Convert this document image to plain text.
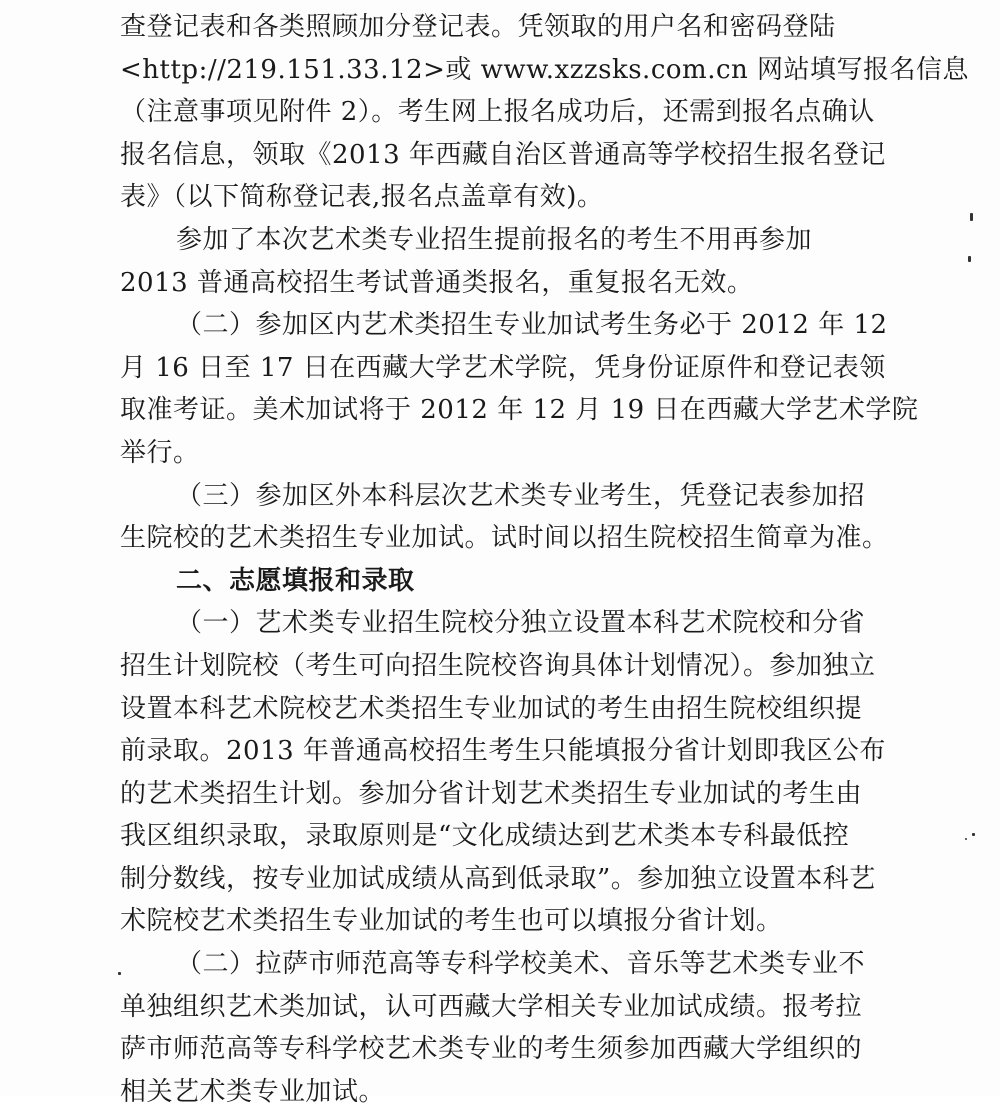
查登记表和各类照顾加分登记表。凭领取的用户名和密码登陆
<http://219.151.33.12>或 www.xzzsks.com.cn 网站填写报名信息
（注意事项见附件 2）。考生网上报名成功后，还需到报名点确认
报名信息，领取《2013 年西藏自治区普通高等学校招生报名登记
表》（以下简称登记表,报名点盖章有效)。
参加了本次艺术类专业招生提前报名的考生不用再参加
2013 普通高校招生考试普通类报名，重复报名无效。
（二）参加区内艺术类招生专业加试考生务必于 2012 年 12
月 16 日至 17 日在西藏大学艺术学院，凭身份证原件和登记表领
取准考证。美术加试将于 2012 年 12 月 19 日在西藏大学艺术学院
举行。
（三）参加区外本科层次艺术类专业考生，凭登记表参加招
生院校的艺术类招生专业加试。试时间以招生院校招生简章为准。
二、志愿填报和录取
（一）艺术类专业招生院校分独立设置本科艺术院校和分省
招生计划院校（考生可向招生院校咨询具体计划情况）。参加独立
设置本科艺术院校艺术类招生专业加试的考生由招生院校组织提
前录取。2013 年普通高校招生考生只能填报分省计划即我区公布
的艺术类招生计划。参加分省计划艺术类招生专业加试的考生由
我区组织录取，录取原则是“文化成绩达到艺术类本专科最低控
制分数线，按专业加试成绩从高到低录取”。参加独立设置本科艺
术院校艺术类招生专业加试的考生也可以填报分省计划。
（二）拉萨市师范高等专科学校美术、音乐等艺术类专业不
单独组织艺术类加试，认可西藏大学相关专业加试成绩。报考拉
萨市师范高等专科学校艺术类专业的考生须参加西藏大学组织的
相关艺术类专业加试。
